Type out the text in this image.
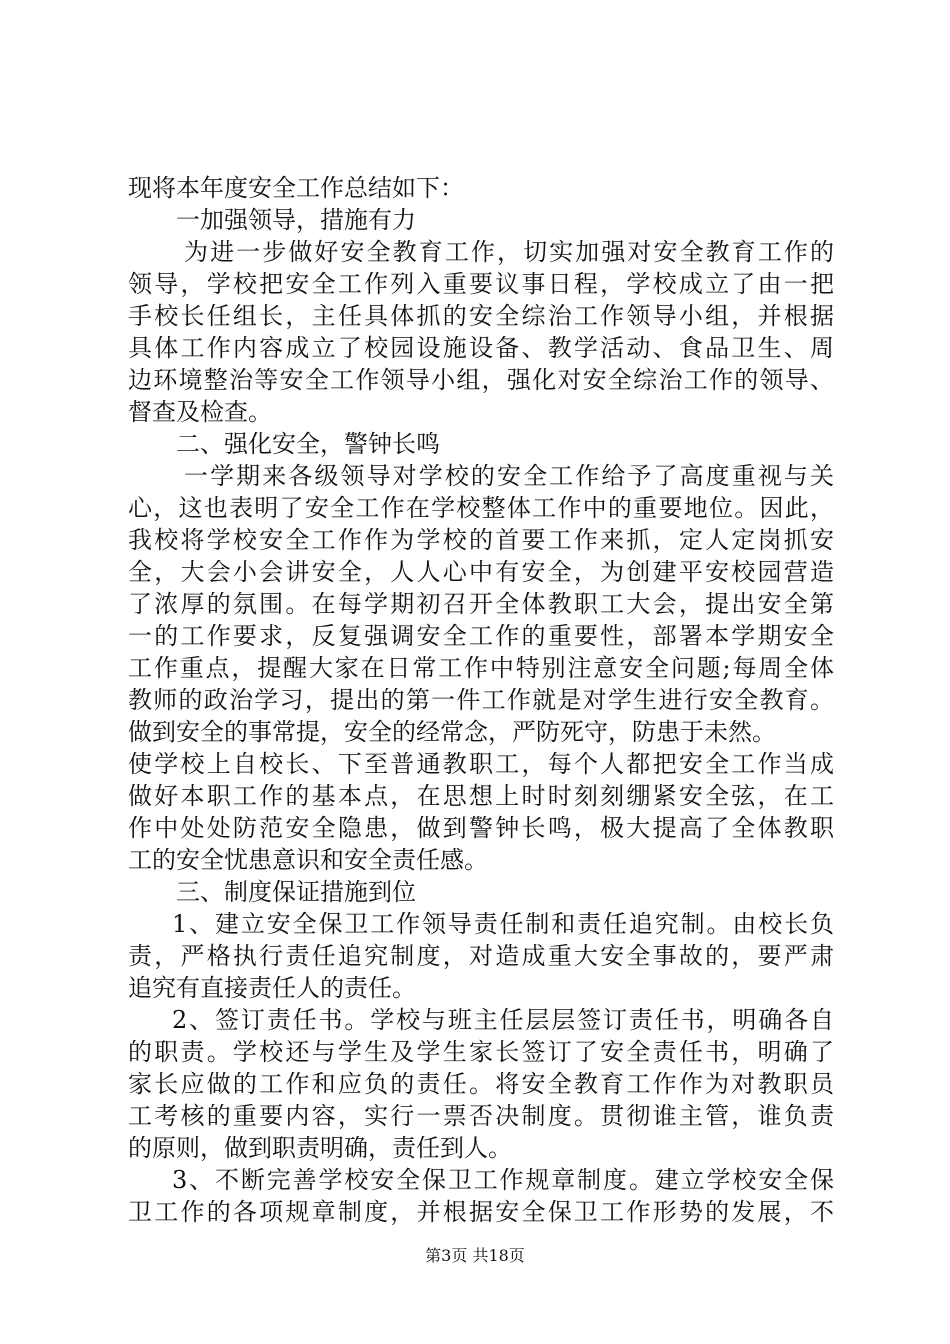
现将本年度安全工作总结如下：
一加强领导，措施有力
为进一步做好安全教育工作，切实加强对安全教育工作的
领导，学校把安全工作列入重要议事日程，学校成立了由一把
手校长任组长，主任具体抓的安全综治工作领导小组，并根据
具体工作内容成立了校园设施设备、教学活动、食品卫生、周
边环境整治等安全工作领导小组，强化对安全综治工作的领导、
督查及检查。
二、强化安全，警钟长鸣
一学期来各级领导对学校的安全工作给予了高度重视与关
心，这也表明了安全工作在学校整体工作中的重要地位。因此，
我校将学校安全工作作为学校的首要工作来抓，定人定岗抓安
全，大会小会讲安全，人人心中有安全，为创建平安校园营造
了浓厚的氛围。在每学期初召开全体教职工大会，提出安全第
一的工作要求，反复强调安全工作的重要性，部署本学期安全
工作重点，提醒大家在日常工作中特别注意安全问题;每周全体
教师的政治学习，提出的第一件工作就是对学生进行安全教育。
做到安全的事常提，安全的经常念，严防死守，防患于未然。
使学校上自校长、下至普通教职工，每个人都把安全工作当成
做好本职工作的基本点，在思想上时时刻刻绷紧安全弦，在工
作中处处防范安全隐患，做到警钟长鸣，极大提高了全体教职
工的安全忧患意识和安全责任感。
三、制度保证措施到位
1、建立安全保卫工作领导责任制和责任追究制。由校长负
责，严格执行责任追究制度，对造成重大安全事故的，要严肃
追究有直接责任人的责任。
2、签订责任书。学校与班主任层层签订责任书，明确各自
的职责。学校还与学生及学生家长签订了安全责任书，明确了
家长应做的工作和应负的责任。将安全教育工作作为对教职员
工考核的重要内容，实行一票否决制度。贯彻谁主管，谁负责
的原则，做到职责明确，责任到人。
3、不断完善学校安全保卫工作规章制度。建立学校安全保
卫工作的各项规章制度，并根据安全保卫工作形势的发展，不
第3页 共18页
